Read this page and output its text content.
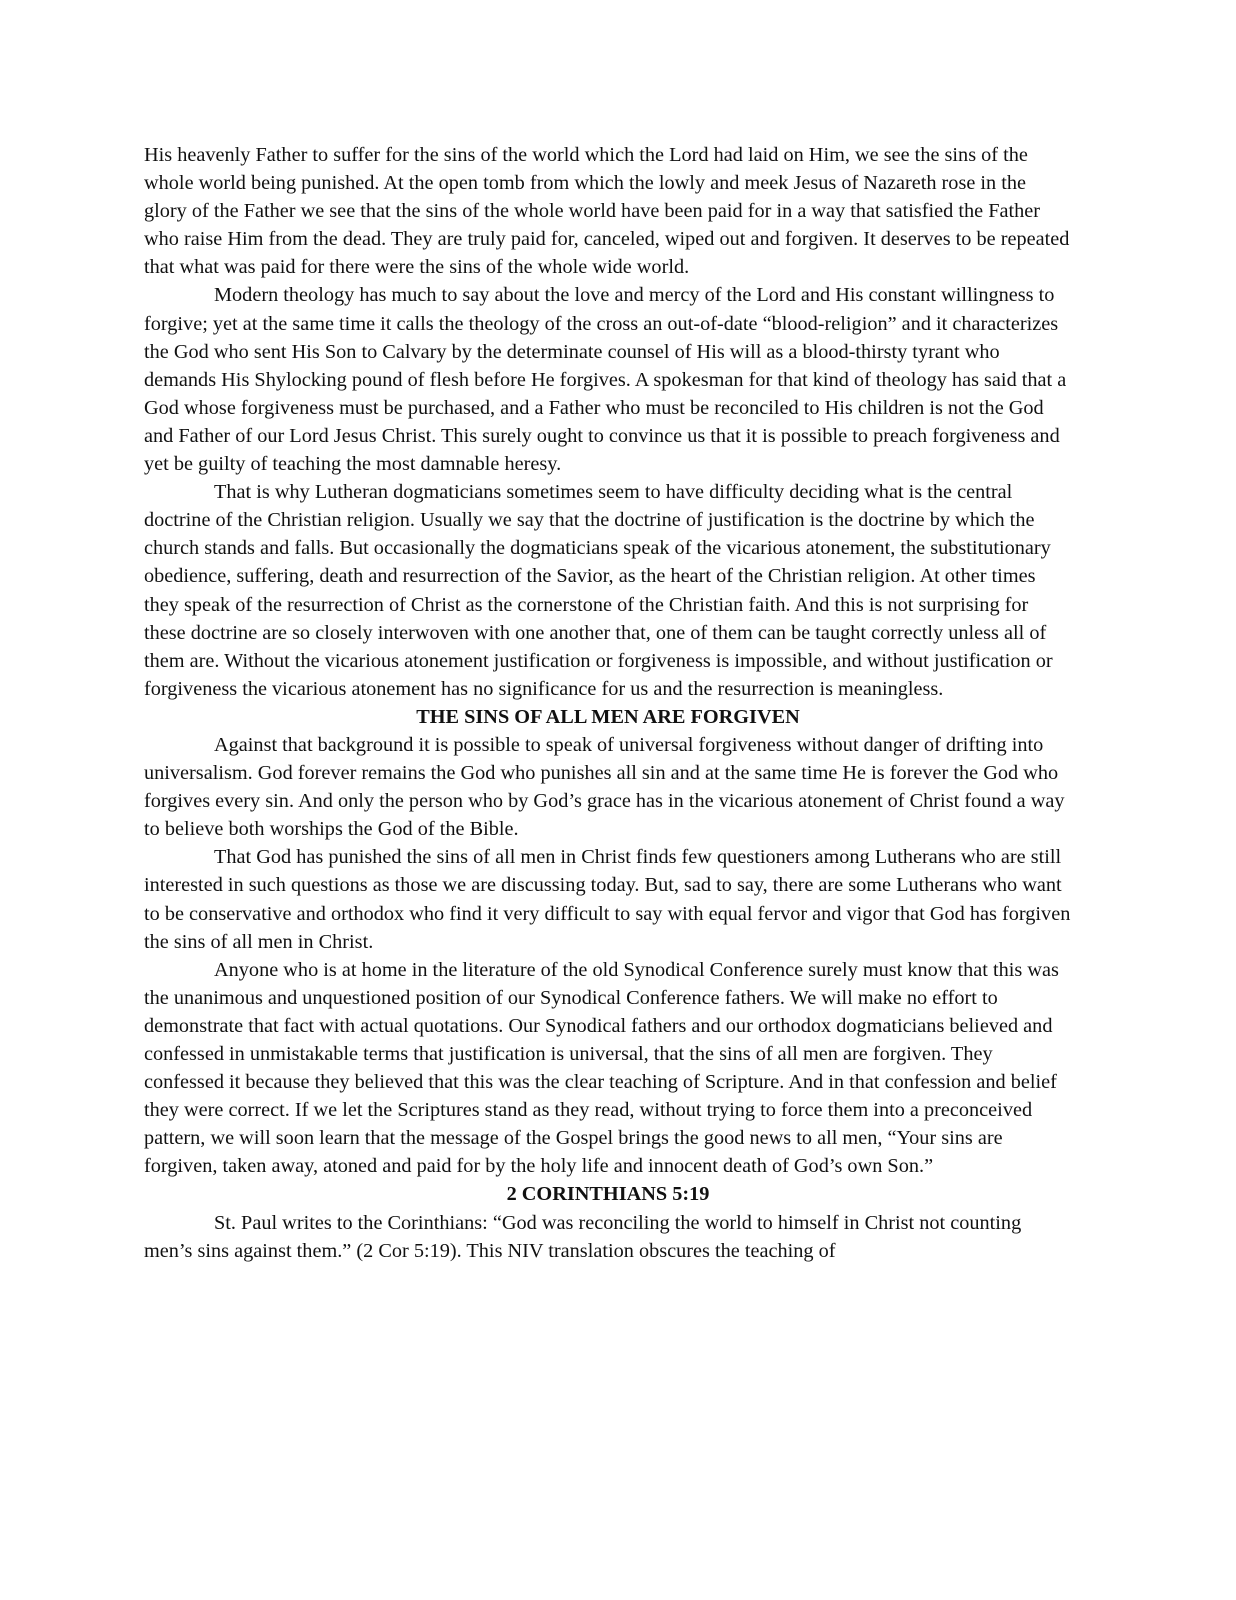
His heavenly Father to suffer for the sins of the world which the Lord had laid on Him, we see the sins of the whole world being punished. At the open tomb from which the lowly and meek Jesus of Nazareth rose in the glory of the Father we see that the sins of the whole world have been paid for in a way that satisfied the Father who raise Him from the dead. They are truly paid for, canceled, wiped out and forgiven. It deserves to be repeated that what was paid for there were the sins of the whole wide world.

Modern theology has much to say about the love and mercy of the Lord and His constant willingness to forgive; yet at the same time it calls the theology of the cross an out-of-date “blood-religion” and it characterizes the God who sent His Son to Calvary by the determinate counsel of His will as a blood-thirsty tyrant who demands His Shylocking pound of flesh before He forgives. A spokesman for that kind of theology has said that a God whose forgiveness must be purchased, and a Father who must be reconciled to His children is not the God and Father of our Lord Jesus Christ. This surely ought to convince us that it is possible to preach forgiveness and yet be guilty of teaching the most damnable heresy.

That is why Lutheran dogmaticians sometimes seem to have difficulty deciding what is the central doctrine of the Christian religion. Usually we say that the doctrine of justification is the doctrine by which the church stands and falls. But occasionally the dogmaticians speak of the vicarious atonement, the substitutionary obedience, suffering, death and resurrection of the Savior, as the heart of the Christian religion. At other times they speak of the resurrection of Christ as the cornerstone of the Christian faith. And this is not surprising for these doctrine are so closely interwoven with one another that, one of them can be taught correctly unless all of them are. Without the vicarious atonement justification or forgiveness is impossible, and without justification or forgiveness the vicarious atonement has no significance for us and the resurrection is meaningless.

THE SINS OF ALL MEN ARE FORGIVEN

Against that background it is possible to speak of universal forgiveness without danger of drifting into universalism. God forever remains the God who punishes all sin and at the same time He is forever the God who forgives every sin. And only the person who by God’s grace has in the vicarious atonement of Christ found a way to believe both worships the God of the Bible.

That God has punished the sins of all men in Christ finds few questioners among Lutherans who are still interested in such questions as those we are discussing today. But, sad to say, there are some Lutherans who want to be conservative and orthodox who find it very difficult to say with equal fervor and vigor that God has forgiven the sins of all men in Christ.

Anyone who is at home in the literature of the old Synodical Conference surely must know that this was the unanimous and unquestioned position of our Synodical Conference fathers. We will make no effort to demonstrate that fact with actual quotations. Our Synodical fathers and our orthodox dogmaticians believed and confessed in unmistakable terms that justification is universal, that the sins of all men are forgiven. They confessed it because they believed that this was the clear teaching of Scripture. And in that confession and belief they were correct. If we let the Scriptures stand as they read, without trying to force them into a preconceived pattern, we will soon learn that the message of the Gospel brings the good news to all men, “Your sins are forgiven, taken away, atoned and paid for by the holy life and innocent death of God’s own Son.”

2 CORINTHIANS 5:19

St. Paul writes to the Corinthians: “God was reconciling the world to himself in Christ not counting men’s sins against them.” (2 Cor 5:19). This NIV translation obscures the teaching of
